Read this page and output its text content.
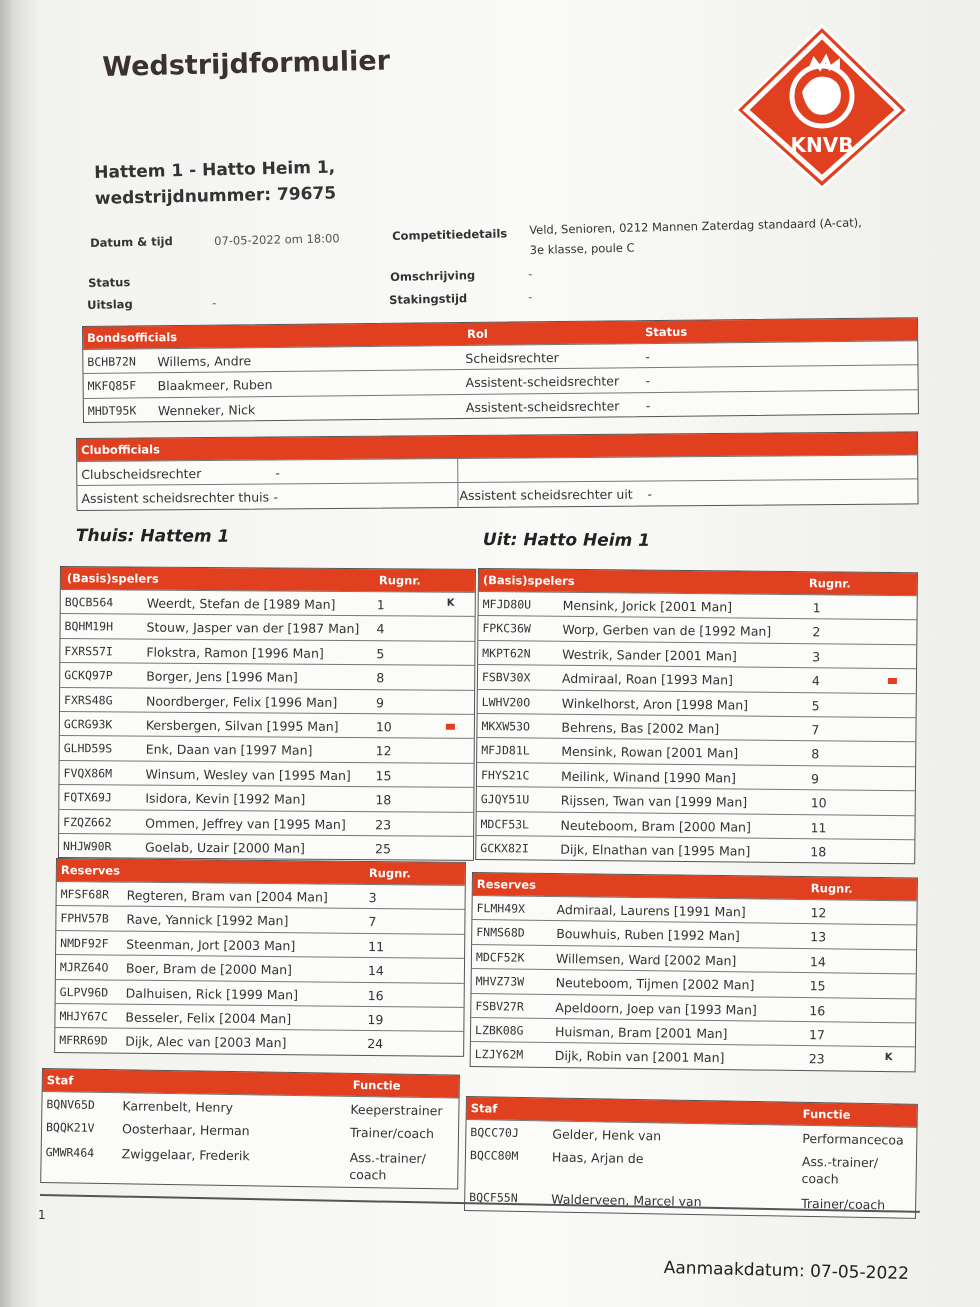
Wedstrijdformulier
KNVB
Hattem 1 - Hatto Heim 1,
wedstrijdnummer: 79675
Datum & tijd	07-05-2022 om 18:00	Competitiedetails Veld, Senioren, 0212 Mannen Zaterdag standaard (A-cat),
3e klasse, poule C
Status
Uitslag	-
Omschrijving	-
Stakingstijd	-
Bondsofficials	Rol	Status
BCHB72N Willems, Andre	Scheidsrechter	-
MKFQ85F Blaakmeer, Ruben	Assistent-scheidsrechter -
MHDT95K Wenneker, Nick	Assistent-scheidsrechter -
Clubofficials
Clubscheidsrechter	-
Assistent scheidsrechter thuis -	Assistent scheidsrechter uit -
Thuis: Hattem 1	Uit: Hatto Heim 1
(Basis)spelers	Rugnr.
BQCB564	Weerdt, Stefan de [1989 Man]	1	K
BQHM19H	Stouw, Jasper van der [1987 Man] 4
FXRS57I	Flokstra, Ramon [1996 Man]	5
GCKQ97P	Borger, Jens [1996 Man]	8
FXRS48G	Noordberger, Felix [1996 Man]	9
GCRG93K	Kersbergen, Silvan [1995 Man]	10
GLHD59S	Enk, Daan van [1997 Man]	12
FVQX86M	Winsum, Wesley van [1995 Man] 15
FQTX69J	Isidora, Kevin [1992 Man]	18
FZQZ662	Ommen, Jeffrey van [1995 Man] 23
NHJW90R	Goelab, Uzair [2000 Man]	25
Reserves	Rugnr.
MFSF68R Regteren, Bram van [2004 Man]	3
FPHV57B Rave, Yannick [1992 Man]	7
NMDF92F Steenman, Jort [2003 Man]	11
MJRZ64O Boer, Bram de [2000 Man]	14
GLPV96D Dalhuisen, Rick [1999 Man]	16
MHJY67C Besseler, Felix [2004 Man]	19
MFRR69D Dijk, Alec van [2003 Man]	24
Staf	Functie
BQNV65D Karrenbelt, Henry	Keeperstrainer
BQQK21V Oosterhaar, Herman	Trainer/coach
GMWR464 Zwiggelaar, Frederik	Ass.-trainer/
coach
(Basis)spelers	Rugnr.
MFJD80U	Mensink, Jorick [2001 Man]	1
FPKC36W	Worp, Gerben van de [1992 Man]	2
MKPT62N	Westrik, Sander [2001 Man]	3
FSBV30X	Admiraal, Roan [1993 Man]	4
LWHV20O	Winkelhorst, Aron [1998 Man]	5
MKXW53O	Behrens, Bas [2002 Man]	7
MFJD81L	Mensink, Rowan [2001 Man]	8
FHYS21C	Meilink, Winand [1990 Man]	9
GJQY51U	Rijssen, Twan van [1999 Man]	10
MDCF53L	Neuteboom, Bram [2000 Man]	11
GCKX82I	Dijk, Elnathan van [1995 Man]	18
Reserves	Rugnr.
FLMH49X	Admiraal, Laurens [1991 Man]	12
FNMS68D	Bouwhuis, Ruben [1992 Man]	13
MDCF52K	Willemsen, Ward [2002 Man]	14
MHVZ73W	Neuteboom, Tijmen [2002 Man]	15
FSBV27R	Apeldoorn, Joep van [1993 Man]	16
LZBK08G	Huisman, Bram [2001 Man]	17
LZJY62M	Dijk, Robin van [2001 Man]	23	K
Staf	Functie
BQCC70J	Gelder, Henk van	Performancecoa
BQCC80M	Haas, Arjan de	Ass.-trainer/
coach
BQCF55N	Walderveen, Marcel van	Trainer/coach
1
Aanmaakdatum: 07-05-2022
